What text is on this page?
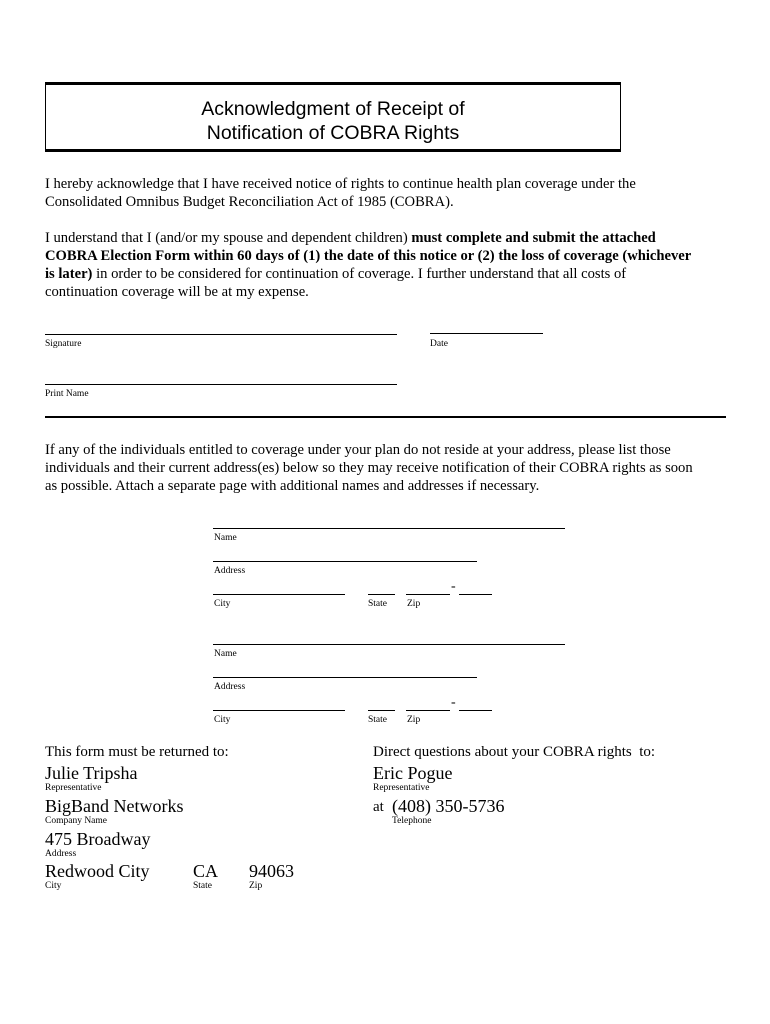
Acknowledgment of Receipt of
Notification of COBRA Rights
I hereby acknowledge that I have received notice of rights to continue health plan coverage under the
Consolidated Omnibus Budget Reconciliation Act of 1985 (COBRA).
I understand that I (and/or my spouse and dependent children) must complete and submit the attached
COBRA Election Form within 60 days of (1) the date of this notice or (2) the loss of coverage (whichever
is later) in order to be considered for continuation of coverage. I further understand that all costs of
continuation coverage will be at my expense.
Signature	Date
Print Name
If any of the individuals entitled to coverage under your plan do not reside at your address, please list those
individuals and their current address(es) below so they may receive notification of their COBRA rights as soon
as possible. Attach a separate page with additional names and addresses if necessary.
Name
Address
City	State
-
Zip
Name
Address
City	State
-
Zip
This form must be returned to:
Julie Tripsha
Representative
BigBand Networks
Company Name
475 Broadway
Address
Redwood City
City
CA
State
94063
Zip
Direct questions about your COBRA rights  to:
Eric Pogue
Representative
at (408) 350-5736
Telephone
